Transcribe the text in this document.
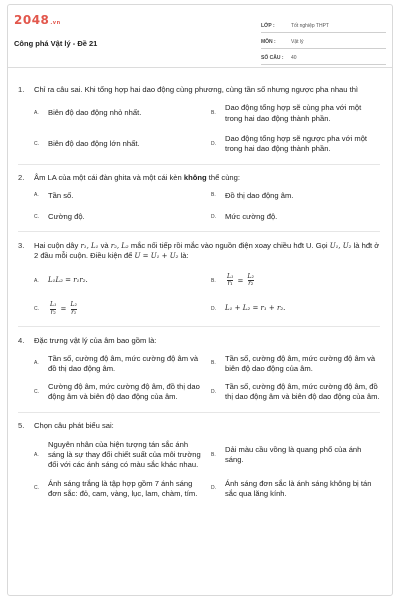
2048.vn
Công phá Vật lý - Đề 21
LỚP :	Tốt nghiệp THPT
MÔN :	Vật lý
SỐ CÂU :	40
1.	Chỉ ra câu sai. Khi tổng hợp hai dao động cùng phương, cùng tần số nhưng ngược pha nhau thì
A.	Biên độ dao động nhỏ nhất.	B.
Dao động tổng hợp sẽ cùng pha với một trong hai dao động thành phần.
C.	Biên độ dao động lớn nhất.	D.
Dao động tổng hợp sẽ ngược pha với một trong hai dao động thành phần.
2.	Âm LA của một cái đàn ghita và một cái kèn không thể cùng:
A.	Tần số.	B.	Đồ thị dao động âm.
C.	Cường độ.	D.	Mức cường độ.
3.	Hai cuộn dây r₁, L₁ và r₂, L₂ mắc nối tiếp rồi mắc vào nguồn điện xoay chiều hđt U. Gọi U₁, U₂ là hđt ở 2 đầu mỗi cuộn. Điều kiện để U = U₁ + U₂ là:
A.	L₁L₂ = r₁r₂.	B.	$\frac{\text{L₁}}{\text{r₁}} = \frac{\text{L₂}}{\text{r₂}}$
C.	$\frac{\text{L₁}}{\text{r₂}} = \frac{\text{L₂}}{\text{r₁}}$	D.	L₁ + L₂ = r₁ + r₂.
4.	Đặc trưng vật lý của âm bao gồm là:
A.
Tần số, cường độ âm, mức cường độ âm và đồ thị dao động âm.
B.
Tần số, cường độ âm, mức cường độ âm và biên độ dao động của âm.
C.
Cường độ âm, mức cường độ âm, đồ thị dao động âm và biên độ dao động của âm.
D.
Tần số, cường độ âm, mức cường độ âm, đồ thị dao động âm và biên độ dao động của âm.
5.	Chọn câu phát biểu sai:
A.
Nguyên nhân của hiện tượng tán sắc ánh sáng là sự thay đổi chiết suất của môi trường đối với các ánh sáng có màu sắc khác nhau.
B.
Dải màu cầu vồng là quang phổ của ánh sáng.
C.
Ánh sáng trắng là tập hợp gồm 7 ánh sáng đơn sắc: đỏ, cam, vàng, lục, lam, chàm, tím.
D.
Ánh sáng đơn sắc là ánh sáng không bị tán sắc qua lăng kính.
